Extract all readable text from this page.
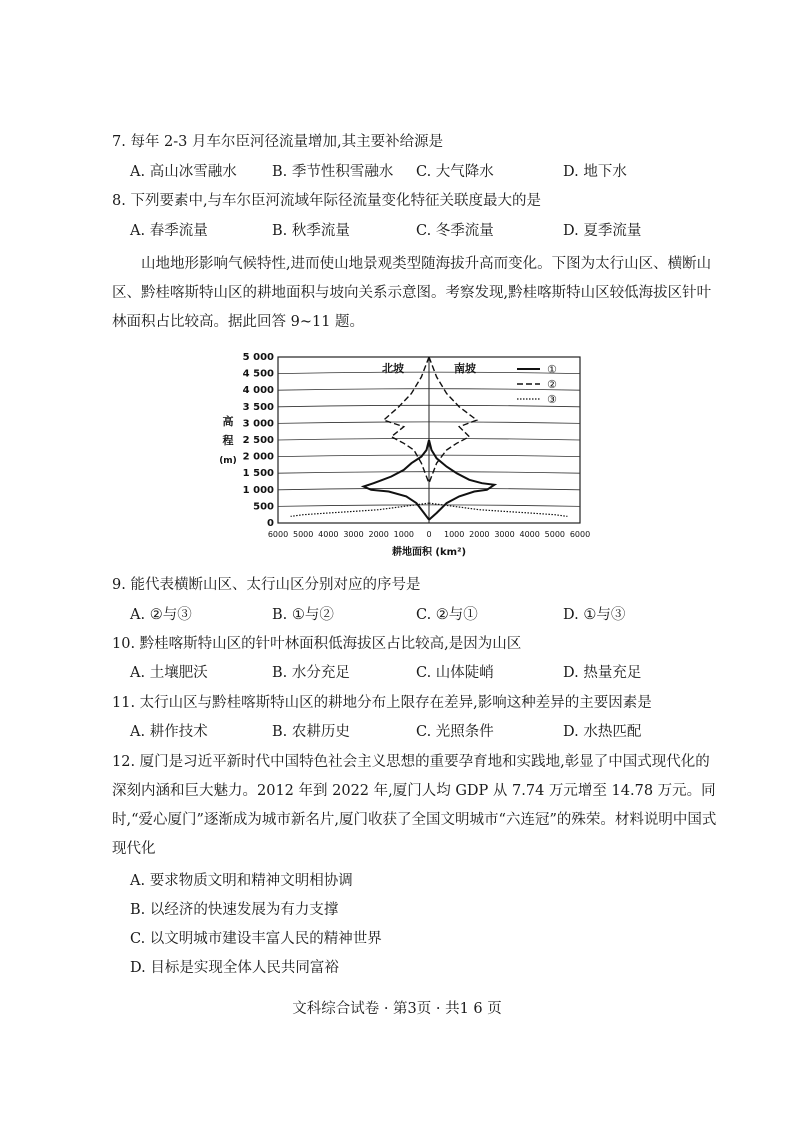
7. 每年 2-3 月车尔臣河径流量增加,其主要补给源是
A. 高山冰雪融水 B. 季节性积雪融水 C. 大气降水	D. 地下水
8. 下列要素中,与车尔臣河流域年际径流量变化特征关联度最大的是
A. 春季流量	B. 秋季流量	C. 冬季流量	D. 夏季流量
山地地形影响气候特性,进而使山地景观类型随海拔升高而变化。下图为太行山区、横断山区、黔桂喀斯特山区的耕地面积与坡向关系示意图。考察发现,黔桂喀斯特山区较低海拔区针叶林面积占比较高。据此回答 9~11 题。
0
500
1 000
1 500
2 000
2 500
3 000
3 500
4 000
4 500
5 000
6000 5000 4000 3000 2000 1000 0 1000 2000 3000 4000 5000 6000
耕地面积 (km²)
高
程
(m)
北坡	南坡	①
②
③
9. 能代表横断山区、太行山区分别对应的序号是
A. ②与③	B. ①与②	C. ②与①	D. ①与③
10. 黔桂喀斯特山区的针叶林面积低海拔区占比较高,是因为山区
A. 土壤肥沃	B. 水分充足	C. 山体陡峭	D. 热量充足
11. 太行山区与黔桂喀斯特山区的耕地分布上限存在差异,影响这种差异的主要因素是
A. 耕作技术	B. 农耕历史	C. 光照条件	D. 水热匹配
12. 厦门是习近平新时代中国特色社会主义思想的重要孕育地和实践地,彰显了中国式现代化的深刻内涵和巨大魅力。2012 年到 2022 年,厦门人均 GDP 从 7.74 万元增至 14.78 万元。同时,“爱心厦门”逐渐成为城市新名片,厦门收获了全国文明城市“六连冠”的殊荣。材料说明中国式现代化
A. 要求物质文明和精神文明相协调
B. 以经济的快速发展为有力支撑
C. 以文明城市建设丰富人民的精神世界
D. 目标是实现全体人民共同富裕
文科综合试卷 · 第3页 · 共1 6 页
